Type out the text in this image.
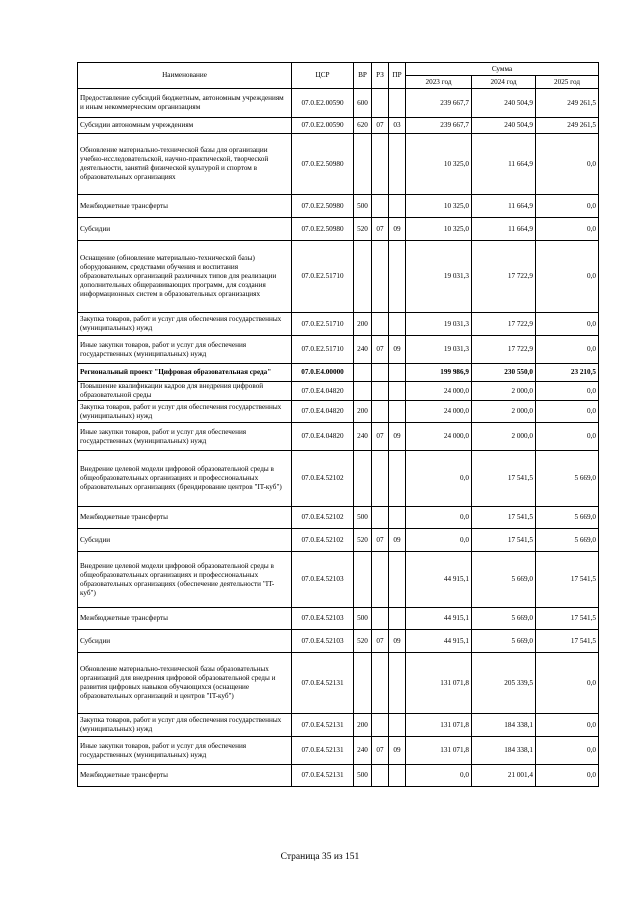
Наименование	ЦСР	ВР	РЗ	ПР	Сумма		
					2023 год	2024 год	2025 год
Предоставление субсидий бюджетным, автономным учреждениям и иным некоммерческим организациям	07.0.E2.00590	600			239 667,7	240 504,9	249 261,5
Субсидии автономным учреждениям	07.0.E2.00590	620	07	03	239 667,7	240 504,9	249 261,5
Обновление материально-технической базы для организации учебно-исследовательской, научно-практической, творческой деятельности, занятий физической культурой и спортом в образовательных организациях	07.0.E2.50980				10 325,0	11 664,9	0,0
Межбюджетные трансферты	07.0.E2.50980	500			10 325,0	11 664,9	0,0
Субсидии	07.0.E2.50980	520	07	09	10 325,0	11 664,9	0,0
Оснащение (обновление материально-технической базы) оборудованием, средствами обучения и воспитания образовательных организаций различных типов для реализации дополнительных общеразвивающих программ, для создания информационных систем в образовательных организациях	07.0.E2.51710				19 031,3	17 722,9	0,0
Закупка товаров, работ и услуг для обеспечения государственных (муниципальных) нужд	07.0.E2.51710	200			19 031,3	17 722,9	0,0
Иные закупки товаров, работ и услуг для обеспечения государственных (муниципальных) нужд	07.0.E2.51710	240	07	09	19 031,3	17 722,9	0,0
Региональный проект "Цифровая образовательная среда"	07.0.E4.00000				199 986,9	230 550,0	23 210,5
Повышение квалификации кадров для внедрения цифровой образовательной среды	07.0.E4.04820				24 000,0	2 000,0	0,0
Закупка товаров, работ и услуг для обеспечения государственных (муниципальных) нужд	07.0.E4.04820	200			24 000,0	2 000,0	0,0
Иные закупки товаров, работ и услуг для обеспечения государственных (муниципальных) нужд	07.0.E4.04820	240	07	09	24 000,0	2 000,0	0,0
Внедрение целевой модели цифровой образовательной среды в общеобразовательных организациях и профессиональных образовательных организациях (брендирование центров "IT-куб")	07.0.E4.52102				0,0	17 541,5	5 669,0
Межбюджетные трансферты	07.0.E4.52102	500			0,0	17 541,5	5 669,0
Субсидии	07.0.E4.52102	520	07	09	0,0	17 541,5	5 669,0
Внедрение целевой модели цифровой образовательной среды в общеобразовательных организациях и профессиональных образовательных организациях (обеспечение деятельности "IT-куб")	07.0.E4.52103				44 915,1	5 669,0	17 541,5
Межбюджетные трансферты	07.0.E4.52103	500			44 915,1	5 669,0	17 541,5
Субсидии	07.0.E4.52103	520	07	09	44 915,1	5 669,0	17 541,5
Обновление материально-технической базы образовательных организаций для внедрения цифровой образовательной среды и развития цифровых навыков обучающихся (оснащение образовательных организаций и центров "IT-куб")	07.0.E4.52131				131 071,8	205 339,5	0,0
Закупка товаров, работ и услуг для обеспечения государственных (муниципальных) нужд	07.0.E4.52131	200			131 071,8	184 338,1	0,0
Иные закупки товаров, работ и услуг для обеспечения государственных (муниципальных) нужд	07.0.E4.52131	240	07	09	131 071,8	184 338,1	0,0
Межбюджетные трансферты	07.0.E4.52131	500			0,0	21 001,4	0,0
Страница 35 из 151
